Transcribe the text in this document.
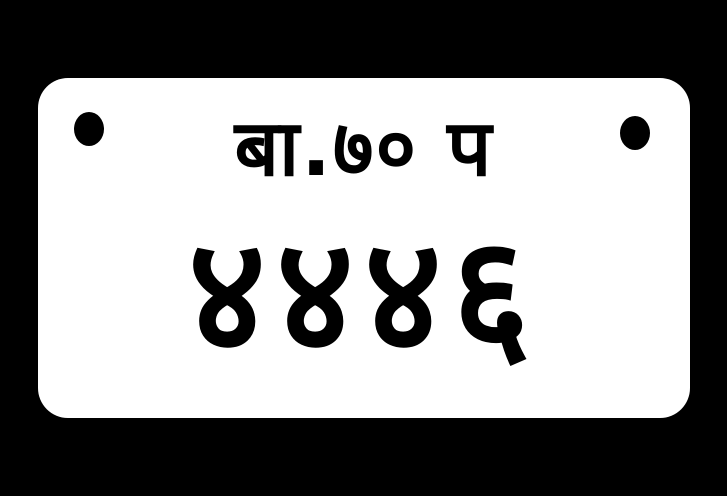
बा.७० प
४४४६
